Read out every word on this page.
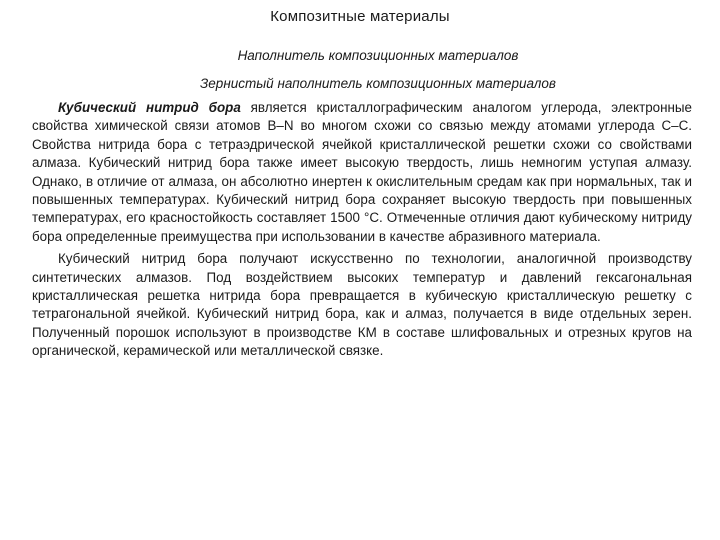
Композитные материалы
Наполнитель композиционных материалов
Зернистый наполнитель композиционных материалов

Кубический нитрид бора является кристаллографическим аналогом углерода, электронные свойства химической связи атомов B–N во многом схожи со связью между атомами углерода С–С. Свойства нитрида бора с тетраэдрической ячейкой кристаллической решетки схожи со свойствами алмаза. Кубический нитрид бора также имеет высокую твердость, лишь немногим уступая алмазу. Однако, в отличие от алмаза, он абсолютно инертен к окислительным средам как при нормальных, так и повышенных температурах. Кубический нитрид бора сохраняет высокую твердость при повышенных температурах, его красностойкость составляет 1500 °С. Отмеченные отличия дают кубическому нитриду бора определенные преимущества при использовании в качестве абразивного материала.

Кубический нитрид бора получают искусственно по технологии, аналогичной производству синтетических алмазов. Под воздействием высоких температур и давлений гексагональная кристаллическая решетка нитрида бора превращается в кубическую кристаллическую решетку с тетрагональной ячейкой. Кубический нитрид бора, как и алмаз, получается в виде отдельных зерен. Полученный порошок используют в производстве КМ в составе шлифовальных и отрезных кругов на органической, керамической или металлической связке.
